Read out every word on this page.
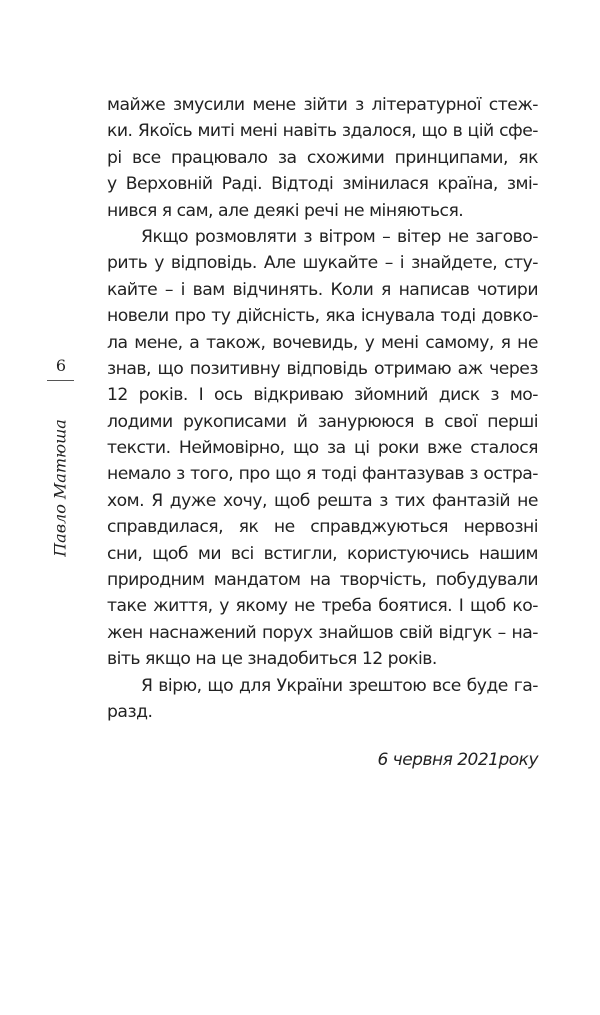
6
Павло Матюша
майже змусили мене зійти з літературної стеж-
ки. Якоїсь миті мені навіть здалося, що в цій сфе-
рі все працювало за схожими принципами, як
у Верховній Раді. Відтоді змінилася країна, змі-
нився я сам, але деякі речі не міняються.
Якщо розмовляти з вітром – вітер не загово-
рить у відповідь. Але шукайте – і знайдете, сту-
кайте – і вам відчинять. Коли я написав чотири
новели про ту дійсність, яка існувала тоді довко-
ла мене, а також, вочевидь, у мені самому, я не
знав, що позитивну відповідь отримаю аж через
12 років. І ось відкриваю зйомний диск з мо-
лодими рукописами й занурююся в свої перші
тексти. Неймовірно, що за ці роки вже сталося
немало з того, про що я тоді фантазував з остра-
хом. Я дуже хочу, щоб решта з тих фантазій не
справдилася, як не справджуються нервозні
сни, щоб ми всі встигли, користуючись нашим
природним мандатом на творчість, побудували
таке життя, у якому не треба боятися. І щоб ко-
жен наснажений порух знайшов свій відгук – на-
віть якщо на це знадобиться 12 років.
Я вірю, що для України зрештою все буде га-
разд.
6 червня 2021року
